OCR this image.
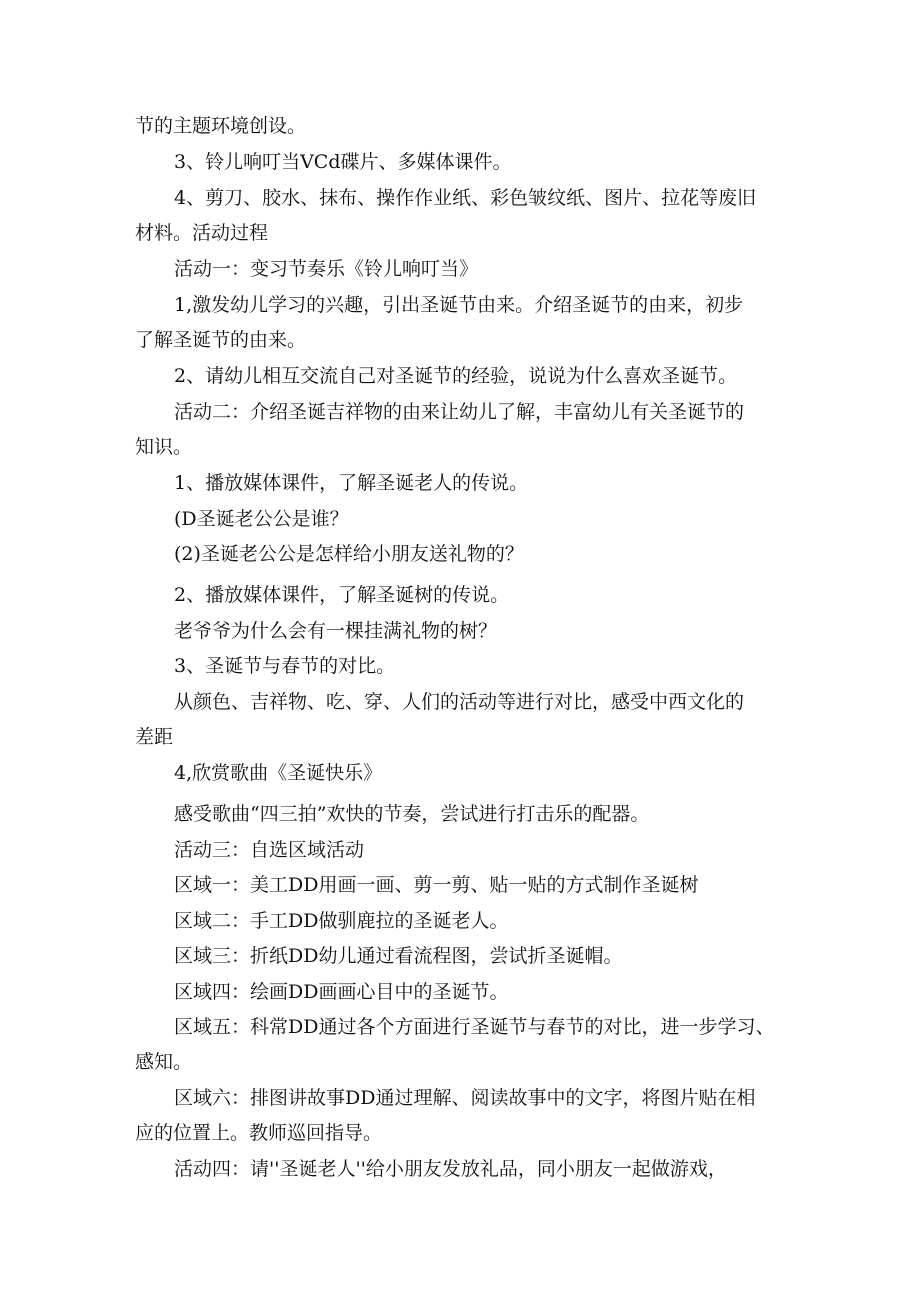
节的主题环境创设。

3、铃儿响叮当VCd碟片、多媒体课件。

4、剪刀、胶水、抹布、操作作业纸、彩色皱纹纸、图片、拉花等废旧

材料。活动过程

活动一：变习节奏乐《铃儿响叮当》

1,激发幼儿学习的兴趣，引出圣诞节由来。介绍圣诞节的由来，初步

了解圣诞节的由来。

2、请幼儿相互交流自己对圣诞节的经验，说说为什么喜欢圣诞节。

活动二：介绍圣诞吉祥物的由来让幼儿了解，丰富幼儿有关圣诞节的

知识。

1、播放媒体课件，了解圣诞老人的传说。

(D圣诞老公公是谁？

(2)圣诞老公公是怎样给小朋友送礼物的？

2、播放媒体课件，了解圣诞树的传说。

老爷爷为什么会有一棵挂满礼物的树？

3、圣诞节与春节的对比。

从颜色、吉祥物、吃、穿、人们的活动等进行对比，感受中西文化的

差距

4,欣赏歌曲《圣诞快乐》

感受歌曲“四三拍”欢快的节奏，尝试进行打击乐的配器。

活动三：自选区域活动

区域一：美工DD用画一画、剪一剪、贴一贴的方式制作圣诞树

区域二：手工DD做驯鹿拉的圣诞老人。

区域三：折纸DD幼儿通过看流程图，尝试折圣诞帽。

区域四：绘画DD画画心目中的圣诞节。

区域五：科常DD通过各个方面进行圣诞节与春节的对比，进一步学习、

感知。

区域六：排图讲故事DD通过理解、阅读故事中的文字，将图片贴在相

应的位置上。教师巡回指导。

活动四：请''圣诞老人''给小朋友发放礼品，同小朋友一起做游戏，
